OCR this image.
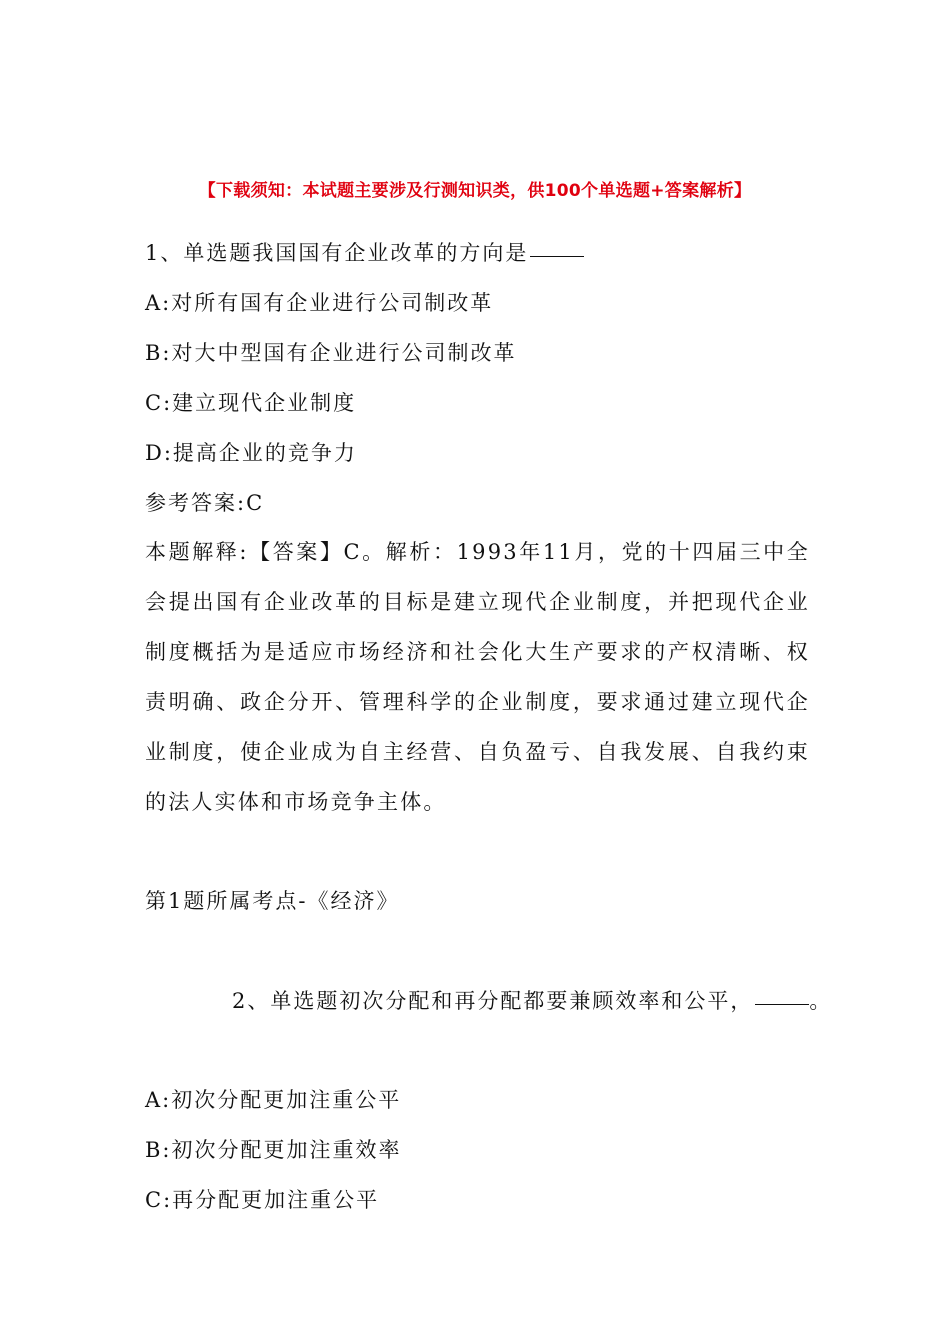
【下载须知：本试题主要涉及行测知识类，供100个单选题+答案解析】
1、单选题我国国有企业改革的方向是
A:对所有国有企业进行公司制改革
B:对大中型国有企业进行公司制改革
C:建立现代企业制度
D:提高企业的竞争力
参考答案:C
本题解释:【答案】C。解析：1993年11月，党的十四届三中全会提出国有企业改革的目标是建立现代企业制度，并把现代企业制度概括为是适应市场经济和社会化大生产要求的产权清晰、权责明确、政企分开、管理科学的企业制度，要求通过建立现代企业制度，使企业成为自主经营、自负盈亏、自我发展、自我约束的法人实体和市场竞争主体。
第1题所属考点-《经济》
2、单选题初次分配和再分配都要兼顾效率和公平，	。
A:初次分配更加注重公平
B:初次分配更加注重效率
C:再分配更加注重公平
